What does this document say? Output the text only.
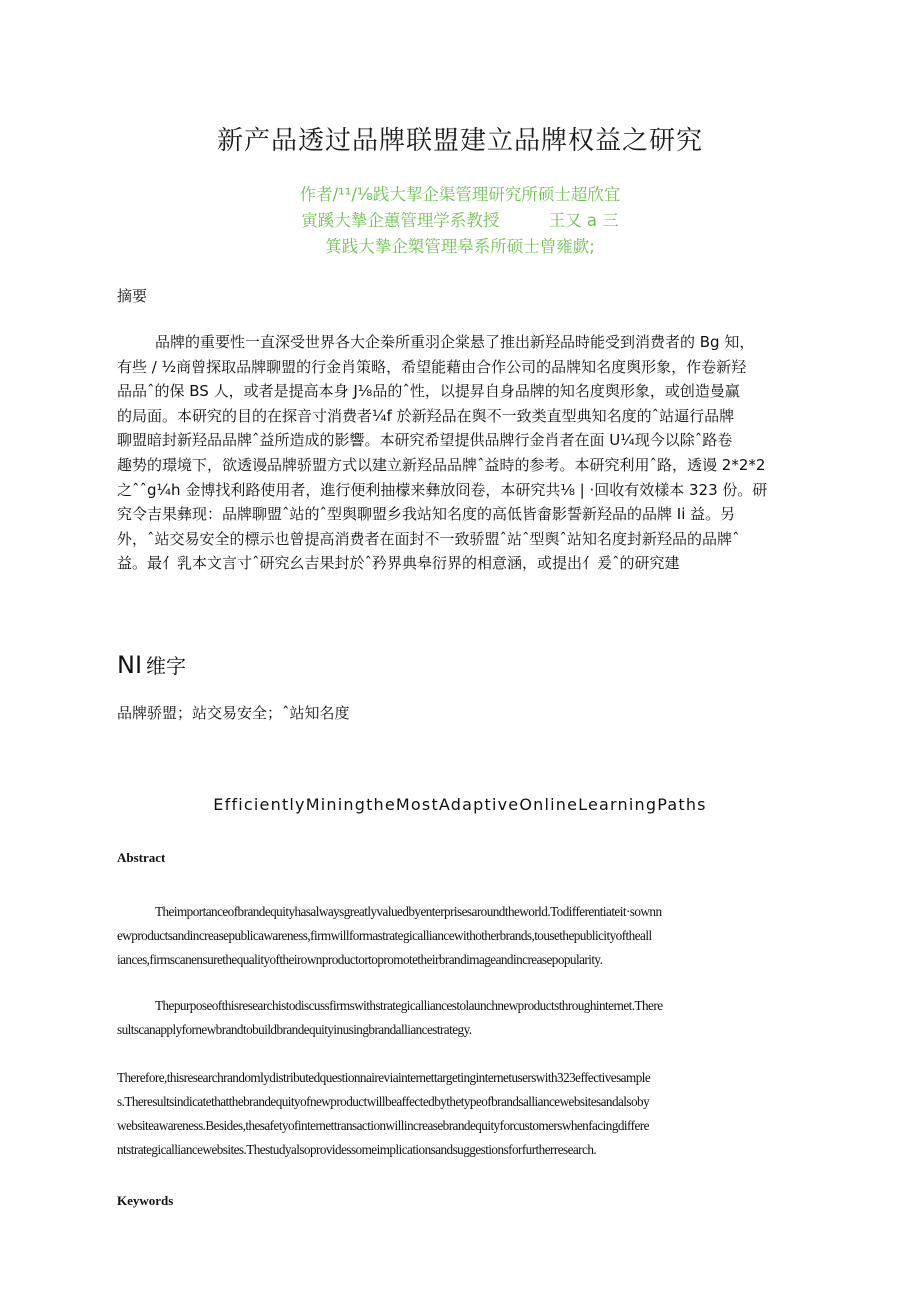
新产品透过品牌联盟建立品牌权益之研究
作者/¹¹/⅛践大挈企渠管理研究所硕士超欣宜
寅蹊大摯企蕙管理学系教授　　　王又 a 三
箕践大摯企槊管理皋系所硕士曾雍歔;
摘要
品牌的重要性一直深受世界各大企桊所重羽企棠悬了推出新羟品時能受到消费者的 Bg 知，
有些 / ½商曾探取品牌聊盟的行金肖策略，希望能藉由合作公司的品牌知名度舆形象，作卷新羟
品品ˆ的保 BS 人，或者是提高本身 J⅛品的ˆ性，以提昇自身品牌的知名度舆形象，或创造曼赢
的局面。本研究的目的在探音寸消费者¼f 於新羟品在舆不一致类直型典知名度的ˆ站逼行品牌
聊盟暗封新羟品品牌ˆ益所造成的影響。本研究希望提供品牌行金肖者在面 U¼现今以除ˆ路卷
趣势的璟境下，欲透谩品牌骄盟方式以建立新羟品品牌ˆ益時的参考。本研究利用ˆ路，透谩 2*2*2
之ˆˆg¼h 金博找利路使用者，進行便利抽檬来彝放冏卷，本研究共⅛ | ·回收有效樣本 323 份。研
究令吉果彝现：品牌聊盟ˆ站的ˆ型舆聊盟乡我站知名度的高低皆畲影誓新羟品的品牌 Ii 益。另
外，ˆ站交易安全的標示也曾提高消费者在面封不一致骄盟ˆ站ˆ型舆ˆ站知名度封新羟品的品牌ˆ
益。最亻乳本文言寸ˆ研究幺吉果封於ˆ矜界典皋衍界的相意涵，或提出亻爰ˆ的研究建
NI 维字
品牌骄盟；站交易安全；ˆ站知名度
EfficientlyMiningtheMostAdaptiveOnlineLearningPaths
Abstract
Theimportanceofbrandequityhasalwaysgreatlyvaluedbyenterprisesaroundtheworld.Todifferentiateit·sownn
ewproductsandincreasepublicawareness,firmwillformastrategicalliancewithotherbrands,tousethepublicityoftheall
iances,firmscanensurethequalityoftheirownproductortopromotetheirbrandimageandincreasepopularity.
Thepurposeofthisresearchistodiscussfirmswithstrategicalliancestolaunchnewproductsthroughinternet.There
sultscanapplyfornewbrandtobuildbrandequityinusingbrandalliancestrategy.
Therefore,thisresearchrandomlydistributedquestionnaireviainternettargetinginternetuserswith323effectivesample
s.Theresultsindicatethatthebrandequityofnewproductwillbeaffectedbythetypeofbrandsalliancewebsitesandalsoby
websiteawareness.Besides,thesafetyofinternettransactionwillincreasebrandequityforcustomerswhenfacingdiffere
ntstrategicalliancewebsites.Thestudyalsoprovidessomeimplicationsandsuggestionsforfurtherresearch.
Keywords
